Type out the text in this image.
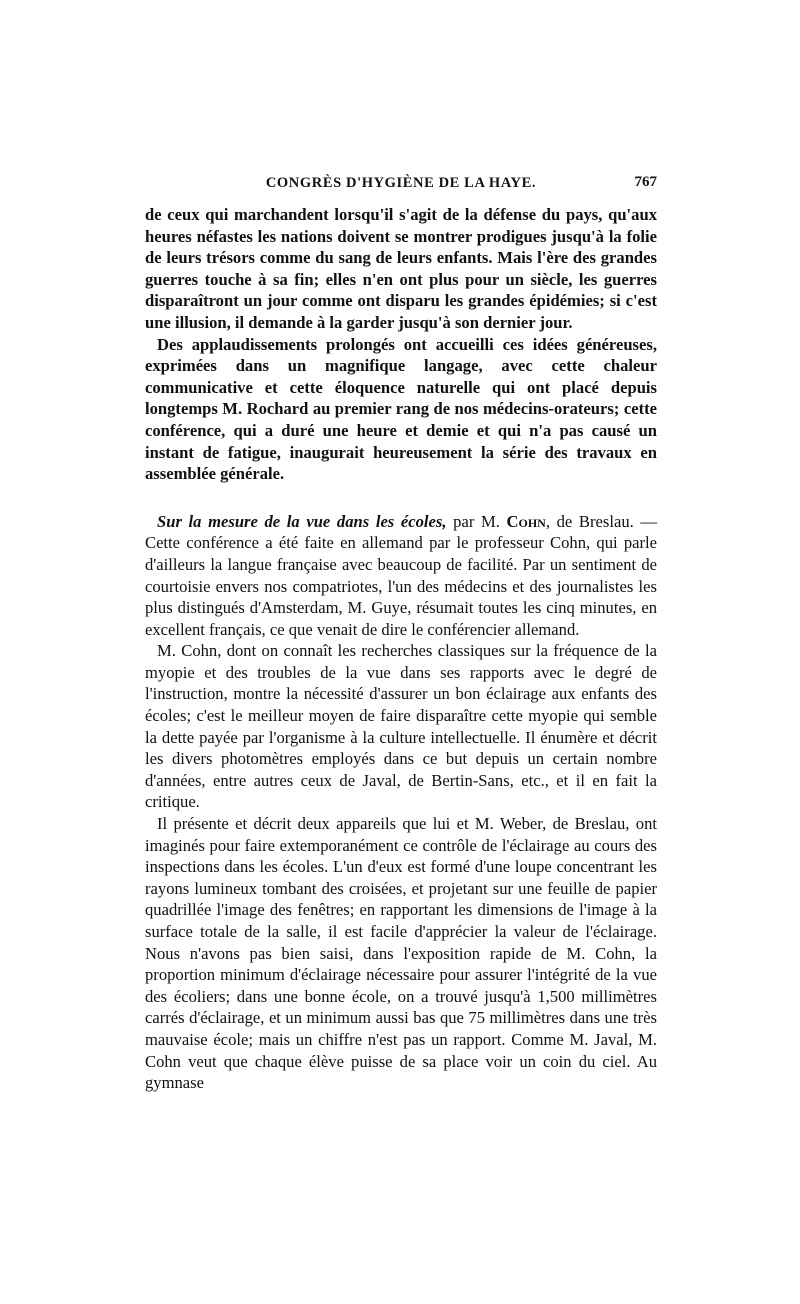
CONGRÈS D'HYGIÈNE DE LA HAYE.	767

de ceux qui marchandent lorsqu'il s'agit de la défense du pays, qu'aux heures néfastes les nations doivent se montrer prodigues jusqu'à la folie de leurs trésors comme du sang de leurs enfants. Mais l'ère des grandes guerres touche à sa fin; elles n'en ont plus pour un siècle, les guerres disparaîtront un jour comme ont disparu les grandes épidémies; si c'est une illusion, il demande à la garder jusqu'à son dernier jour.

Des applaudissements prolongés ont accueilli ces idées généreuses, exprimées dans un magnifique langage, avec cette chaleur communicative et cette éloquence naturelle qui ont placé depuis longtemps M. Rochard au premier rang de nos médecins-orateurs; cette conférence, qui a duré une heure et demie et qui n'a pas causé un instant de fatigue, inaugurait heureusement la série des travaux en assemblée générale.

Sur la mesure de la vue dans les écoles, par M. Cohn, de Breslau. — Cette conférence a été faite en allemand par le professeur Cohn, qui parle d'ailleurs la langue française avec beaucoup de facilité. Par un sentiment de courtoisie envers nos compatriotes, l'un des médecins et des journalistes les plus distingués d'Amsterdam, M. Guye, résumait toutes les cinq minutes, en excellent français, ce que venait de dire le conférencier allemand.

M. Cohn, dont on connaît les recherches classiques sur la fréquence de la myopie et des troubles de la vue dans ses rapports avec le degré de l'instruction, montre la nécessité d'assurer un bon éclairage aux enfants des écoles; c'est le meilleur moyen de faire disparaître cette myopie qui semble la dette payée par l'organisme à la culture intellectuelle. Il énumère et décrit les divers photomètres employés dans ce but depuis un certain nombre d'années, entre autres ceux de Javal, de Bertin-Sans, etc., et il en fait la critique.

Il présente et décrit deux appareils que lui et M. Weber, de Breslau, ont imaginés pour faire extemporanément ce contrôle de l'éclairage au cours des inspections dans les écoles. L'un d'eux est formé d'une loupe concentrant les rayons lumineux tombant des croisées, et projetant sur une feuille de papier quadrillée l'image des fenêtres; en rapportant les dimensions de l'image à la surface totale de la salle, il est facile d'apprécier la valeur de l'éclairage. Nous n'avons pas bien saisi, dans l'exposition rapide de M. Cohn, la proportion minimum d'éclairage nécessaire pour assurer l'intégrité de la vue des écoliers; dans une bonne école, on a trouvé jusqu'à 1,500 millimètres carrés d'éclairage, et un minimum aussi bas que 75 millimètres dans une très mauvaise école; mais un chiffre n'est pas un rapport. Comme M. Javal, M. Cohn veut que chaque élève puisse de sa place voir un coin du ciel. Au gymnase
